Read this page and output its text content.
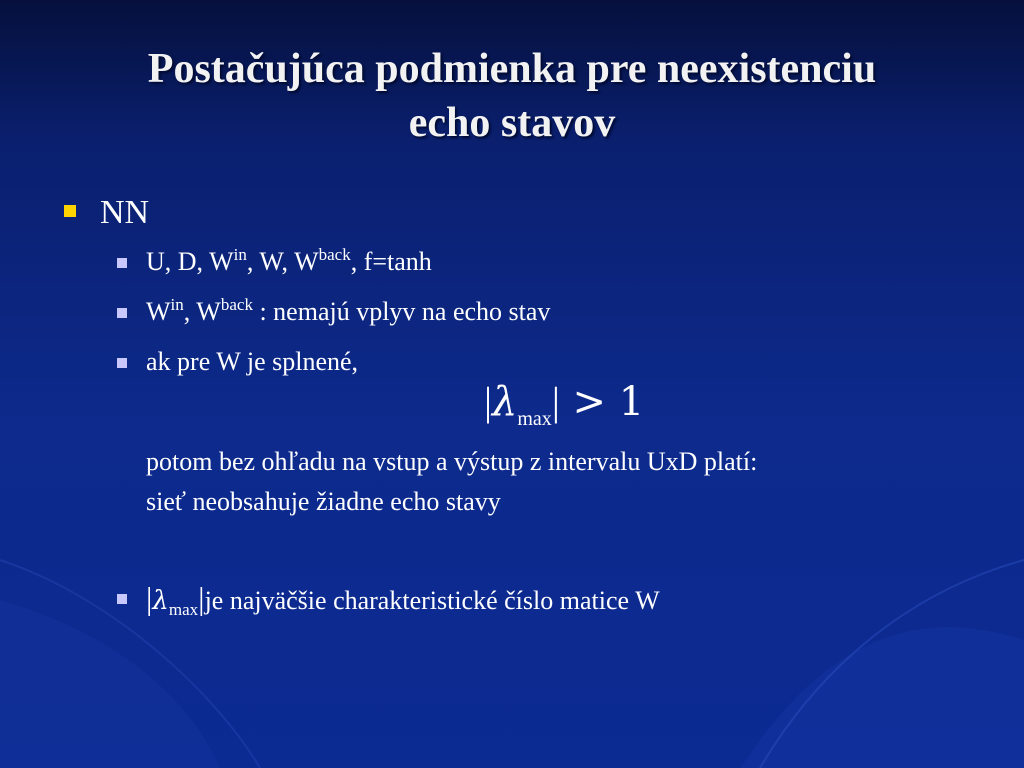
Postačujúca podmienka pre neexistenciu
echo stavov
NN
U, D, $W^{in}$, W, $W^{back}$, f=tanh
$W^{in}$, $W^{back}$ : nemajú vplyv na echo stav
ak pre W je splnené,
$|\lambda_{max}| > 1$
potom bez ohľadu na vstup a výstup z intervalu UxD platí:
sieť neobsahuje žiadne echo stavy
$|\lambda_{max}|je$ najväčšie charakteristické číslo matice W
